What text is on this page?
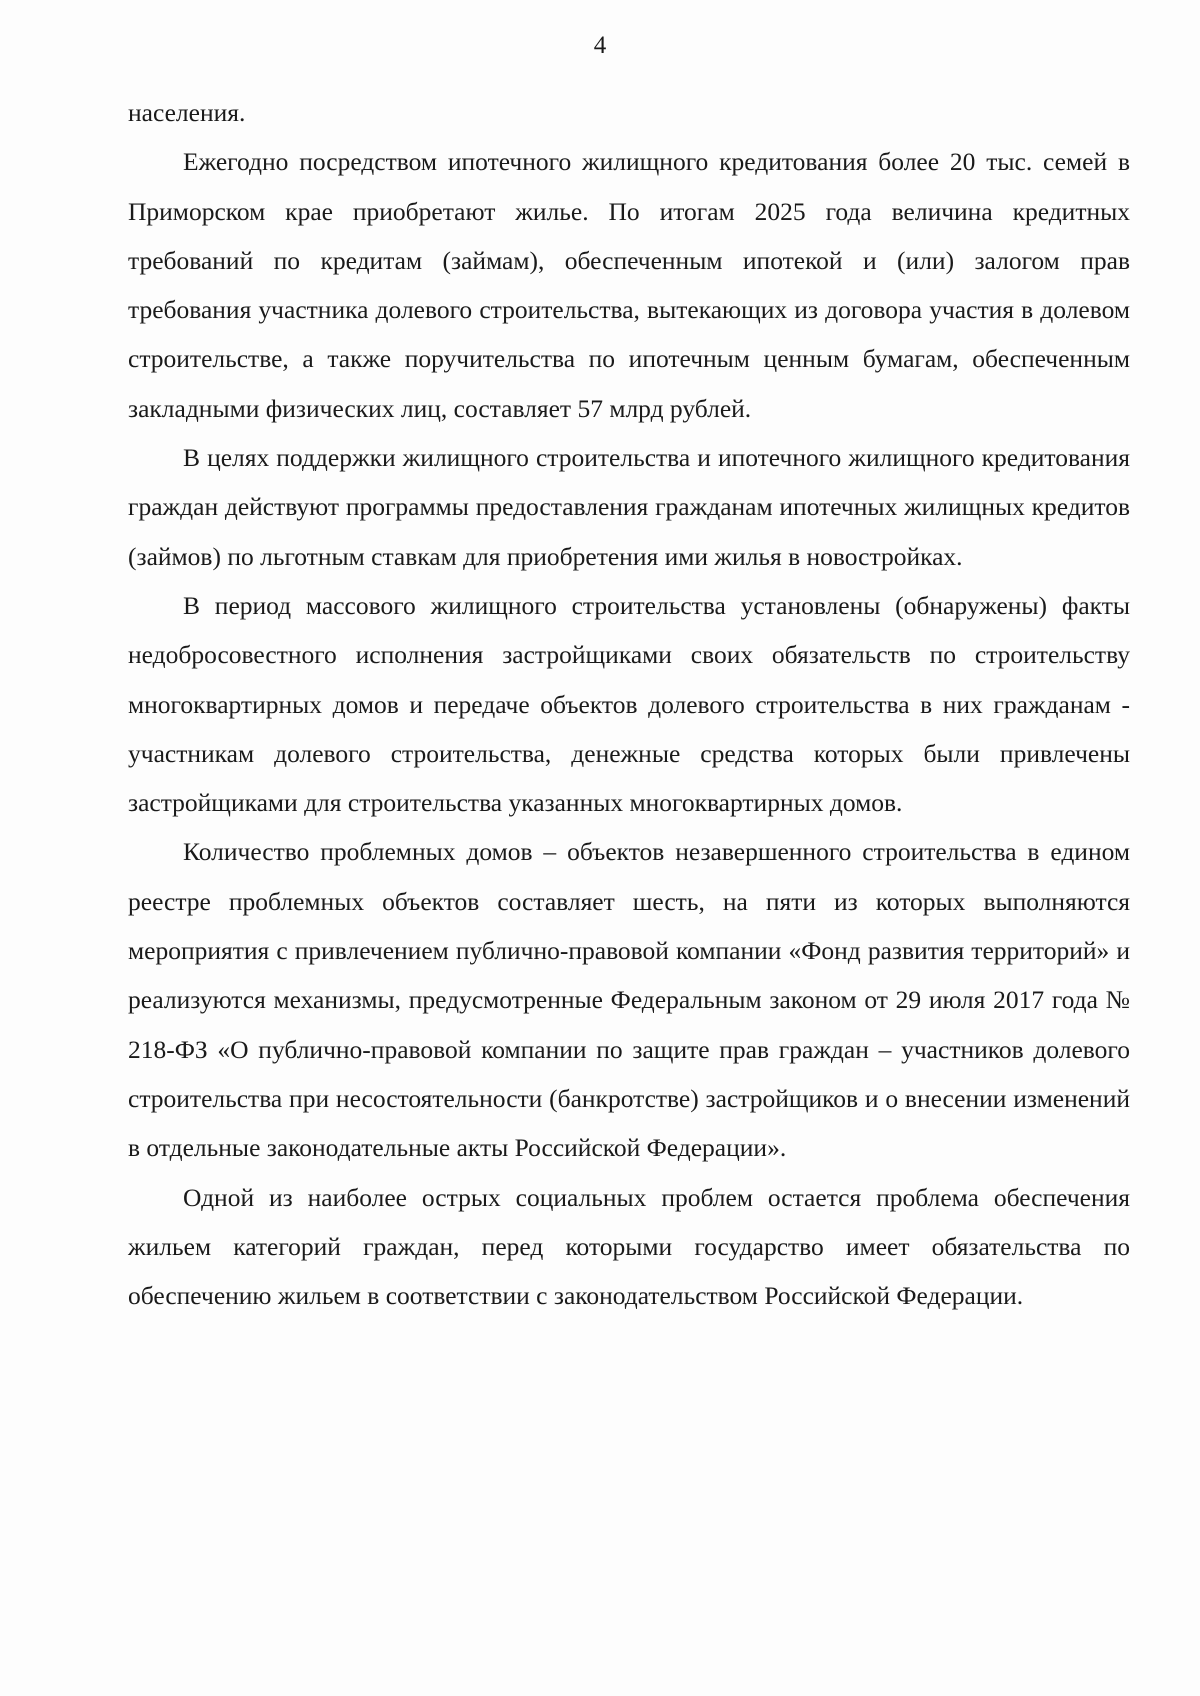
4

населения.

Ежегодно посредством ипотечного жилищного кредитования более 20 тыс. семей в Приморском крае приобретают жилье. По итогам 2025 года величина кредитных требований по кредитам (займам), обеспеченным ипотекой и (или) залогом прав требования участника долевого строительства, вытекающих из договора участия в долевом строительстве, а также поручительства по ипотечным ценным бумагам, обеспеченным закладными физических лиц, составляет 57 млрд рублей.

В целях поддержки жилищного строительства и ипотечного жилищного кредитования граждан действуют программы предоставления гражданам ипотечных жилищных кредитов (займов) по льготным ставкам для приобретения ими жилья в новостройках.

В период массового жилищного строительства установлены (обнаружены) факты недобросовестного исполнения застройщиками своих обязательств по строительству многоквартирных домов и передаче объектов долевого строительства в них гражданам - участникам долевого строительства, денежные средства которых были привлечены застройщиками для строительства указанных многоквартирных домов.

Количество проблемных домов – объектов незавершенного строительства в едином реестре проблемных объектов составляет шесть, на пяти из которых выполняются мероприятия с привлечением публично-правовой компании «Фонд развития территорий» и реализуются механизмы, предусмотренные Федеральным законом от 29 июля 2017 года № 218-ФЗ «О публично-правовой компании по защите прав граждан – участников долевого строительства при несостоятельности (банкротстве) застройщиков и о внесении изменений в отдельные законодательные акты Российской Федерации».

Одной из наиболее острых социальных проблем остается проблема обеспечения жильем категорий граждан, перед которыми государство имеет обязательства по обеспечению жильем в соответствии с законодательством Российской Федерации.
